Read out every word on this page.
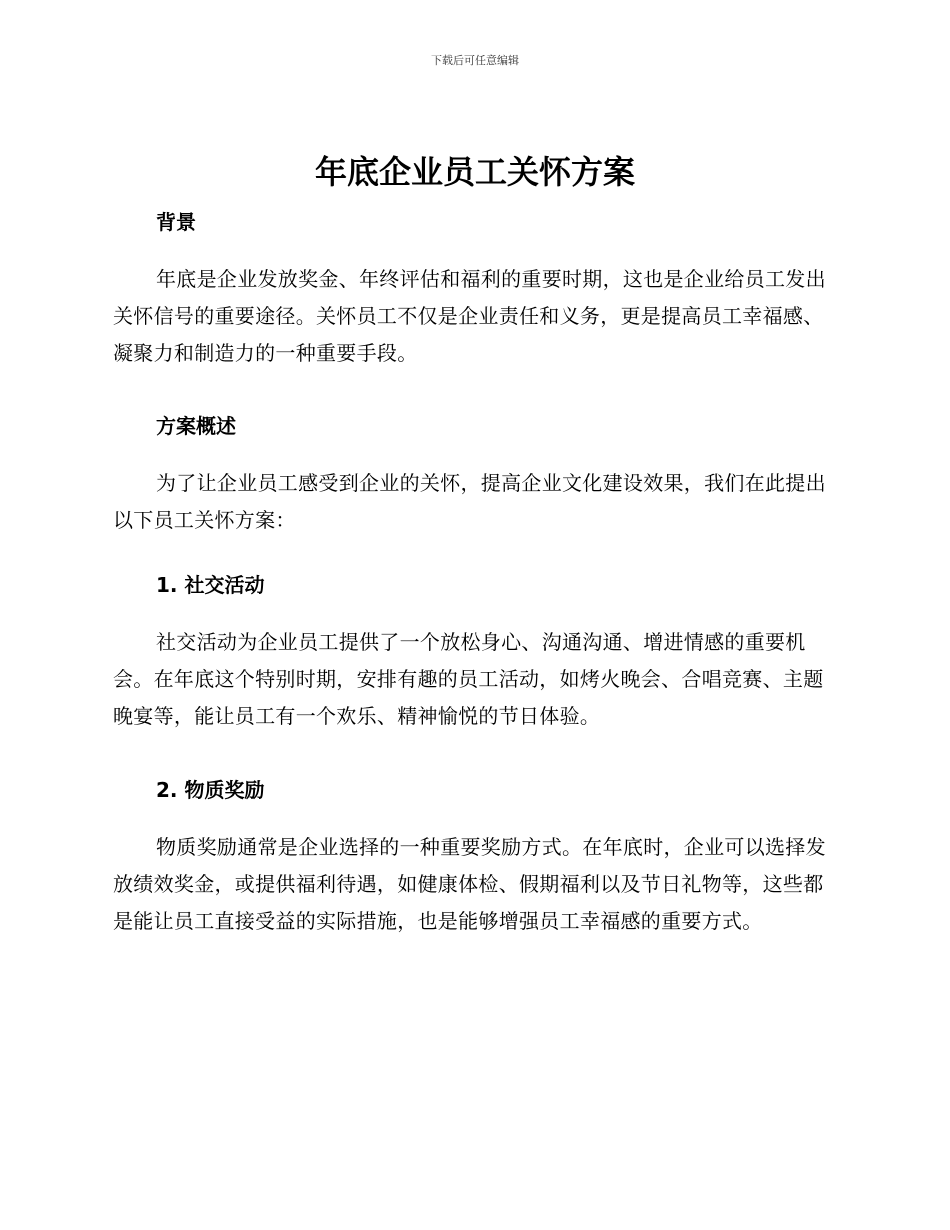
下载后可任意编辑
年底企业员工关怀方案
背景

年底是企业发放奖金、年终评估和福利的重要时期，这也是企业给员工发出关怀信号的重要途径。关怀员工不仅是企业责任和义务，更是提高员工幸福感、凝聚力和制造力的一种重要手段。

方案概述

为了让企业员工感受到企业的关怀，提高企业文化建设效果，我们在此提出以下员工关怀方案：

1. 社交活动

社交活动为企业员工提供了一个放松身心、沟通沟通、增进情感的重要机会。在年底这个特别时期，安排有趣的员工活动，如烤火晚会、合唱竞赛、主题晚宴等，能让员工有一个欢乐、精神愉悦的节日体验。

2. 物质奖励

物质奖励通常是企业选择的一种重要奖励方式。在年底时，企业可以选择发放绩效奖金，或提供福利待遇，如健康体检、假期福利以及节日礼物等，这些都是能让员工直接受益的实际措施，也是能够增强员工幸福感的重要方式。
